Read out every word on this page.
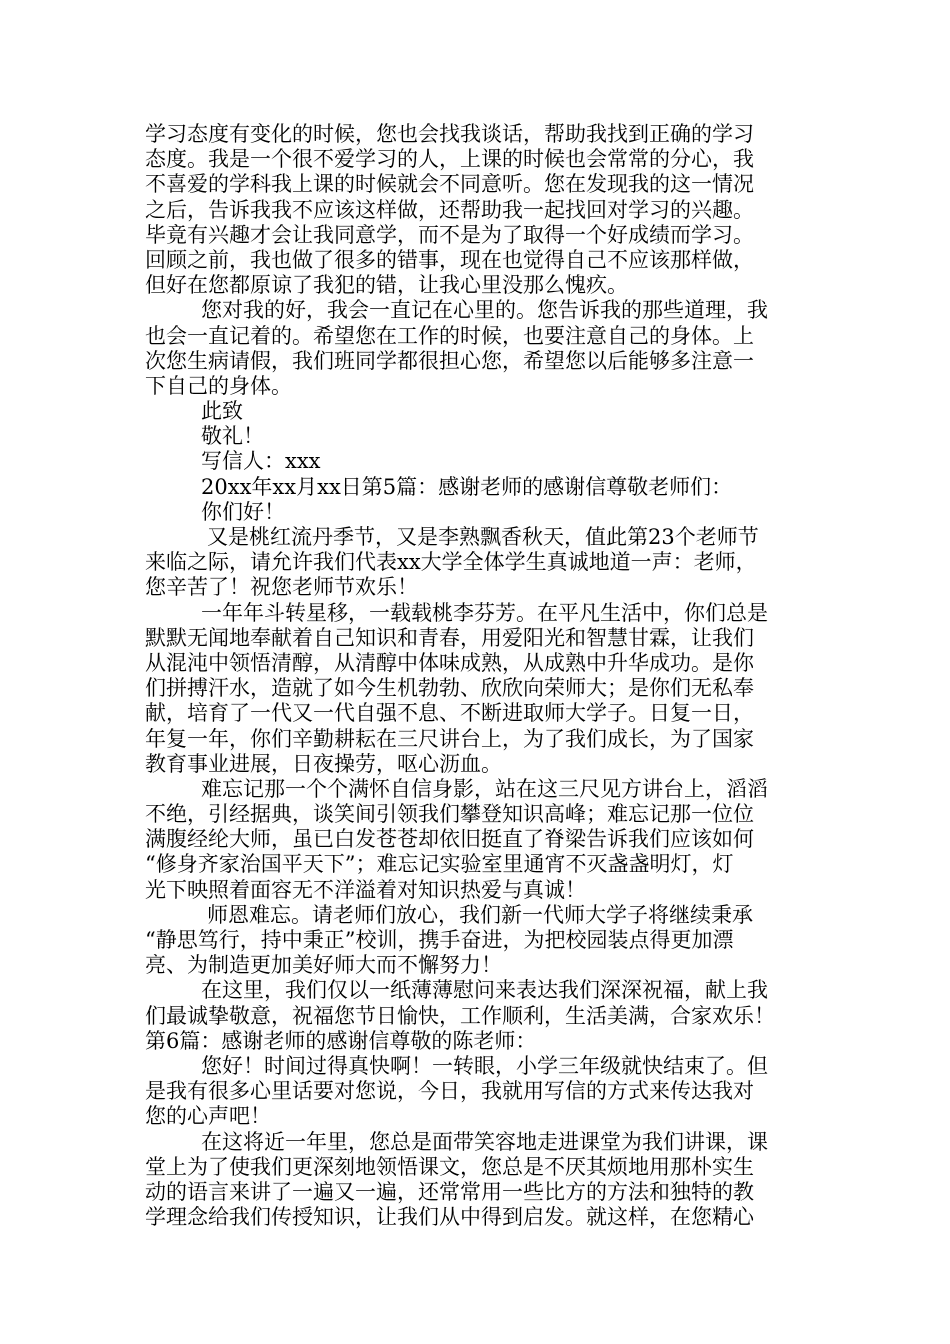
学习态度有变化的时候，您也会找我谈话，帮助我找到正确的学习
态度。我是一个很不爱学习的人，上课的时候也会常常的分心，我
不喜爱的学科我上课的时候就会不同意听。您在发现我的这一情况
之后，告诉我我不应该这样做，还帮助我一起找回对学习的兴趣。
毕竟有兴趣才会让我同意学，而不是为了取得一个好成绩而学习。
回顾之前，我也做了很多的错事，现在也觉得自己不应该那样做，
但好在您都原谅了我犯的错，让我心里没那么愧疚。
您对我的好，我会一直记在心里的。您告诉我的那些道理，我
也会一直记着的。希望您在工作的时候，也要注意自己的身体。上
次您生病请假，我们班同学都很担心您，希望您以后能够多注意一
下自己的身体。
此致
敬礼！
写信人：xxx
20xx年xx月xx日第5篇：感谢老师的感谢信尊敬老师们：
你们好！
又是桃红流丹季节，又是李熟飘香秋天，值此第23个老师节
来临之际，请允许我们代表xx大学全体学生真诚地道一声：老师，
您辛苦了！祝您老师节欢乐！
一年年斗转星移，一载载桃李芬芳。在平凡生活中，你们总是
默默无闻地奉献着自己知识和青春，用爱阳光和智慧甘霖，让我们
从混沌中领悟清醇，从清醇中体味成熟，从成熟中升华成功。是你
们拼搏汗水，造就了如今生机勃勃、欣欣向荣师大；是你们无私奉
献，培育了一代又一代自强不息、不断进取师大学子。日复一日，
年复一年，你们辛勤耕耘在三尺讲台上，为了我们成长，为了国家
教育事业进展，日夜操劳，呕心沥血。
难忘记那一个个满怀自信身影，站在这三尺见方讲台上，滔滔
不绝，引经据典，谈笑间引领我们攀登知识高峰；难忘记那一位位
满腹经纶大师，虽已白发苍苍却依旧挺直了脊梁告诉我们应该如何
“修身齐家治国平天下”；难忘记实验室里通宵不灭盏盏明灯，灯
光下映照着面容无不洋溢着对知识热爱与真诚！
师恩难忘。请老师们放心，我们新一代师大学子将继续秉承
“静思笃行，持中秉正”校训，携手奋进，为把校园装点得更加漂
亮、为制造更加美好师大而不懈努力！
在这里，我们仅以一纸薄薄慰问来表达我们深深祝福，献上我
们最诚挚敬意，祝福您节日愉快，工作顺利，生活美满，合家欢乐！
第6篇：感谢老师的感谢信尊敬的陈老师：
您好！时间过得真快啊！一转眼，小学三年级就快结束了。但
是我有很多心里话要对您说，今日，我就用写信的方式来传达我对
您的心声吧！
在这将近一年里，您总是面带笑容地走进课堂为我们讲课，课
堂上为了使我们更深刻地领悟课文，您总是不厌其烦地用那朴实生
动的语言来讲了一遍又一遍，还常常用一些比方的方法和独特的教
学理念给我们传授知识，让我们从中得到启发。就这样，在您精心
